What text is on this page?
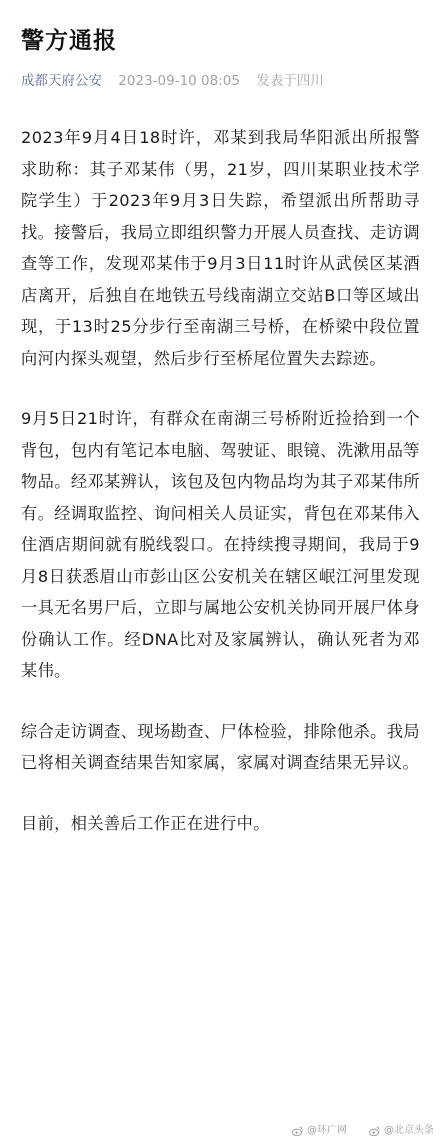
警方通报
成都天府公安 2023-09-10 08:05 发表于四川

2023年9月4日18时许，邓某到我局华阳派出所报警求助称：其子邓某伟（男，21岁，四川某职业技术学院学生）于2023年9月3日失踪，希望派出所帮助寻找。接警后，我局立即组织警力开展人员查找、走访调查等工作，发现邓某伟于9月3日11时许从武侯区某酒店离开，后独自在地铁五号线南湖立交站B口等区域出现，于13时25分步行至南湖三号桥，在桥梁中段位置向河内探头观望，然后步行至桥尾位置失去踪迹。

9月5日21时许，有群众在南湖三号桥附近捡拾到一个背包，包内有笔记本电脑、驾驶证、眼镜、洗漱用品等物品。经邓某辨认，该包及包内物品均为其子邓某伟所有。经调取监控、询问相关人员证实，背包在邓某伟入住酒店期间就有脱线裂口。在持续搜寻期间，我局于9月8日获悉眉山市彭山区公安机关在辖区岷江河里发现一具无名男尸后，立即与属地公安机关协同开展尸体身份确认工作。经DNA比对及家属辨认，确认死者为邓某伟。

综合走访调查、现场勘查、尸体检验，排除他杀。我局已将相关调查结果告知家属，家属对调查结果无异议。

目前，相关善后工作正在进行中。

@环广网	@北京头条
